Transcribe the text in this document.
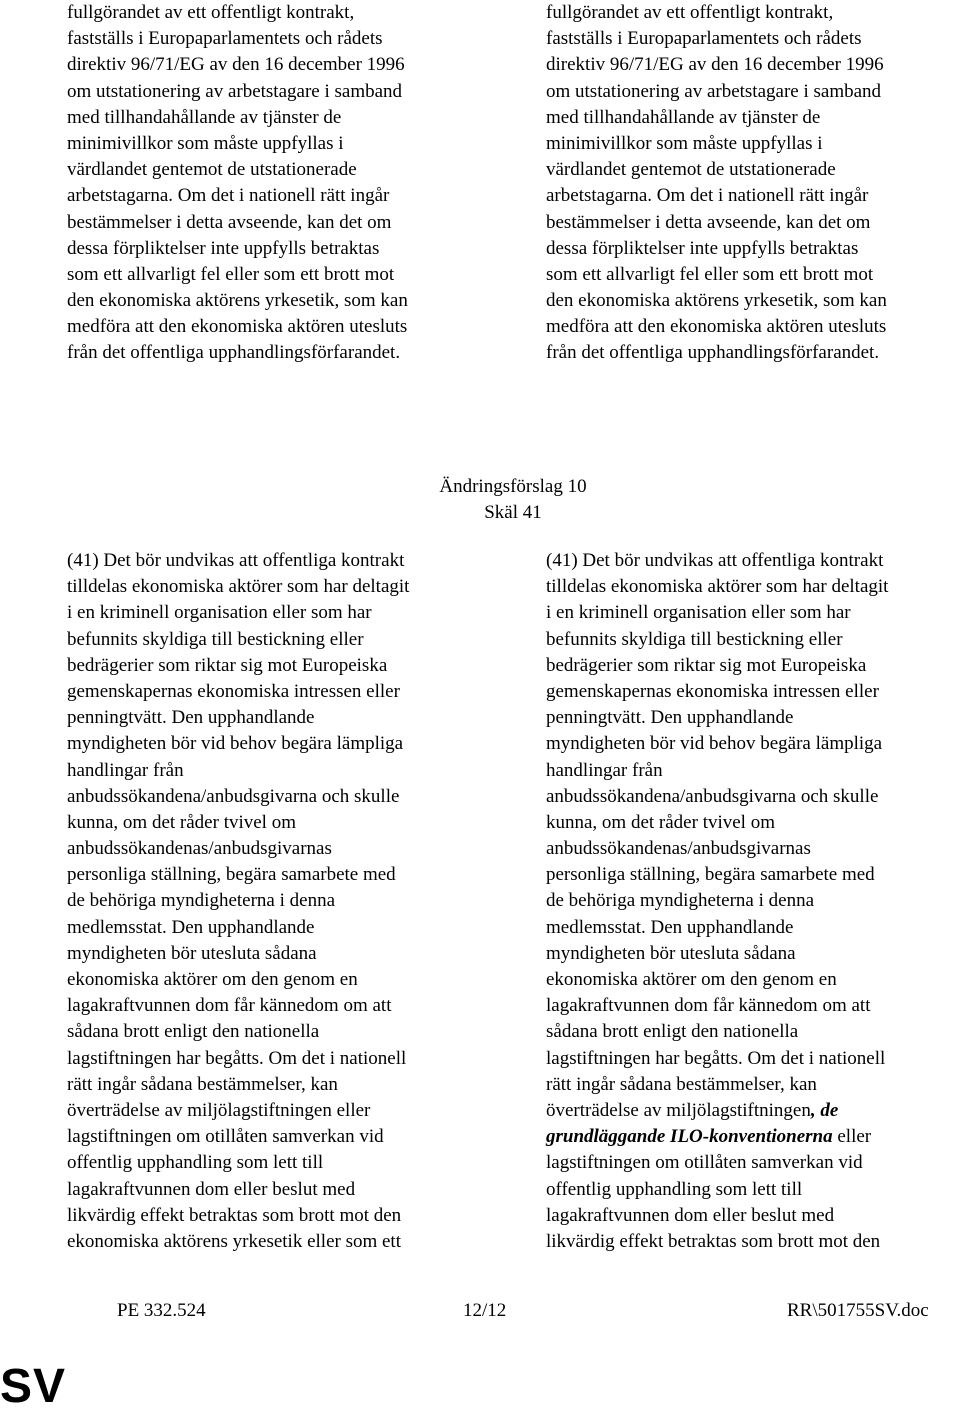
fullgörandet av ett offentligt kontrakt,
fastställs i Europaparlamentets och rådets
direktiv 96/71/EG av den 16 december 1996
om utstationering av arbetstagare i samband
med tillhandahållande av tjänster de
minimivillkor som måste uppfyllas i
värdlandet gentemot de utstationerade
arbetstagarna. Om det i nationell rätt ingår
bestämmelser i detta avseende, kan det om
dessa förpliktelser inte uppfylls betraktas
som ett allvarligt fel eller som ett brott mot
den ekonomiska aktörens yrkesetik, som kan
medföra att den ekonomiska aktören utesluts
från det offentliga upphandlingsförfarandet.
fullgörandet av ett offentligt kontrakt,
fastställs i Europaparlamentets och rådets
direktiv 96/71/EG av den 16 december 1996
om utstationering av arbetstagare i samband
med tillhandahållande av tjänster de
minimivillkor som måste uppfyllas i
värdlandet gentemot de utstationerade
arbetstagarna. Om det i nationell rätt ingår
bestämmelser i detta avseende, kan det om
dessa förpliktelser inte uppfylls betraktas
som ett allvarligt fel eller som ett brott mot
den ekonomiska aktörens yrkesetik, som kan
medföra att den ekonomiska aktören utesluts
från det offentliga upphandlingsförfarandet.
Ändringsförslag 10
Skäl 41
(41) Det bör undvikas att offentliga kontrakt
tilldelas ekonomiska aktörer som har deltagit
i en kriminell organisation eller som har
befunnits skyldiga till bestickning eller
bedrägerier som riktar sig mot Europeiska
gemenskapernas ekonomiska intressen eller
penningtvätt. Den upphandlande
myndigheten bör vid behov begära lämpliga
handlingar från
anbudssökandena/anbudsgivarna och skulle
kunna, om det råder tvivel om
anbudssökandenas/anbudsgivarnas
personliga ställning, begära samarbete med
de behöriga myndigheterna i denna
medlemsstat. Den upphandlande
myndigheten bör utesluta sådana
ekonomiska aktörer om den genom en
lagakraftvunnen dom får kännedom om att
sådana brott enligt den nationella
lagstiftningen har begåtts. Om det i nationell
rätt ingår sådana bestämmelser, kan
överträdelse av miljölagstiftningen eller
lagstiftningen om otillåten samverkan vid
offentlig upphandling som lett till
lagakraftvunnen dom eller beslut med
likvärdig effekt betraktas som brott mot den
ekonomiska aktörens yrkesetik eller som ett
(41) Det bör undvikas att offentliga kontrakt
tilldelas ekonomiska aktörer som har deltagit
i en kriminell organisation eller som har
befunnits skyldiga till bestickning eller
bedrägerier som riktar sig mot Europeiska
gemenskapernas ekonomiska intressen eller
penningtvätt. Den upphandlande
myndigheten bör vid behov begära lämpliga
handlingar från
anbudssökandena/anbudsgivarna och skulle
kunna, om det råder tvivel om
anbudssökandenas/anbudsgivarnas
personliga ställning, begära samarbete med
de behöriga myndigheterna i denna
medlemsstat. Den upphandlande
myndigheten bör utesluta sådana
ekonomiska aktörer om den genom en
lagakraftvunnen dom får kännedom om att
sådana brott enligt den nationella
lagstiftningen har begåtts. Om det i nationell
rätt ingår sådana bestämmelser, kan
överträdelse av miljölagstiftningen, de
grundläggande ILO-konventionerna eller
lagstiftningen om otillåten samverkan vid
offentlig upphandling som lett till
lagakraftvunnen dom eller beslut med
likvärdig effekt betraktas som brott mot den
PE 332.524	12/12	RR\501755SV.doc
SV
